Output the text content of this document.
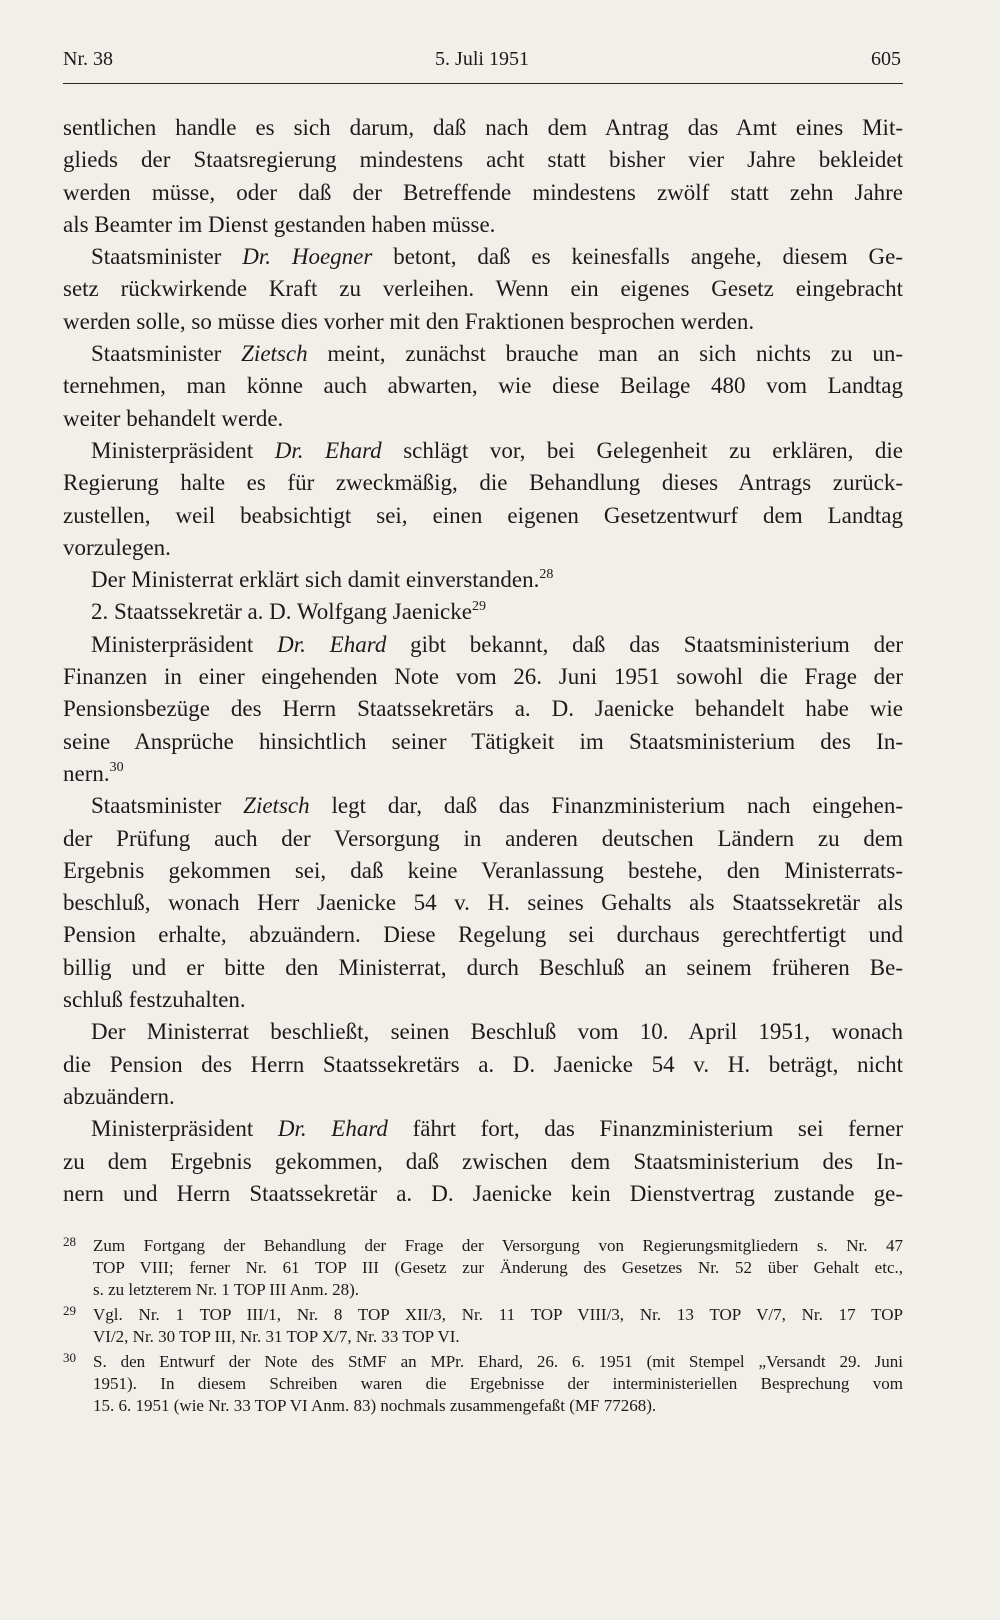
Nr. 38	5. Juli 1951	605
sentlichen handle es sich darum, daß nach dem Antrag das Amt eines Mit-
glieds der Staatsregierung mindestens acht statt bisher vier Jahre bekleidet
werden müsse, oder daß der Betreffende mindestens zwölf statt zehn Jahre
als Beamter im Dienst gestanden haben müsse.
Staatsminister Dr. Hoegner betont, daß es keinesfalls angehe, diesem Ge-
setz rückwirkende Kraft zu verleihen. Wenn ein eigenes Gesetz eingebracht
werden solle, so müsse dies vorher mit den Fraktionen besprochen werden.
Staatsminister Zietsch meint, zunächst brauche man an sich nichts zu un-
ternehmen, man könne auch abwarten, wie diese Beilage 480 vom Landtag
weiter behandelt werde.
Ministerpräsident Dr. Ehard schlägt vor, bei Gelegenheit zu erklären, die
Regierung halte es für zweckmäßig, die Behandlung dieses Antrags zurück-
zustellen, weil beabsichtigt sei, einen eigenen Gesetzentwurf dem Landtag
vorzulegen.
Der Ministerrat erklärt sich damit einverstanden.$^{28}$
2. Staatssekretär a. D. Wolfgang Jaenicke$^{29}$
Ministerpräsident Dr. Ehard gibt bekannt, daß das Staatsministerium der
Finanzen in einer eingehenden Note vom 26. Juni 1951 sowohl die Frage der
Pensionsbezüge des Herrn Staatssekretärs a. D. Jaenicke behandelt habe wie
seine Ansprüche hinsichtlich seiner Tätigkeit im Staatsministerium des In-
nern.$^{30}$
Staatsminister Zietsch legt dar, daß das Finanzministerium nach eingehen-
der Prüfung auch der Versorgung in anderen deutschen Ländern zu dem
Ergebnis gekommen sei, daß keine Veranlassung bestehe, den Ministerrats-
beschluß, wonach Herr Jaenicke 54 v. H. seines Gehalts als Staatssekretär als
Pension erhalte, abzuändern. Diese Regelung sei durchaus gerechtfertigt und
billig und er bitte den Ministerrat, durch Beschluß an seinem früheren Be-
schluß festzuhalten.
Der Ministerrat beschließt, seinen Beschluß vom 10. April 1951, wonach
die Pension des Herrn Staatssekretärs a. D. Jaenicke 54 v. H. beträgt, nicht
abzuändern.
Ministerpräsident Dr. Ehard fährt fort, das Finanzministerium sei ferner
zu dem Ergebnis gekommen, daß zwischen dem Staatsministerium des In-
nern und Herrn Staatssekretär a. D. Jaenicke kein Dienstvertrag zustande ge-
28 Zum Fortgang der Behandlung der Frage der Versorgung von Regierungsmitgliedern s. Nr. 47
TOP VIII; ferner Nr. 61 TOP III (Gesetz zur Änderung des Gesetzes Nr. 52 über Gehalt etc.,
s. zu letzterem Nr. 1 TOP III Anm. 28).
29 Vgl. Nr. 1 TOP III/1, Nr. 8 TOP XII/3, Nr. 11 TOP VIII/3, Nr. 13 TOP V/7, Nr. 17 TOP
VI/2, Nr. 30 TOP III, Nr. 31 TOP X/7, Nr. 33 TOP VI.
30 S. den Entwurf der Note des StMF an MPr. Ehard, 26. 6. 1951 (mit Stempel „Versandt 29. Juni
1951). In diesem Schreiben waren die Ergebnisse der interministeriellen Besprechung vom
15. 6. 1951 (wie Nr. 33 TOP VI Anm. 83) nochmals zusammengefaßt (MF 77268).
